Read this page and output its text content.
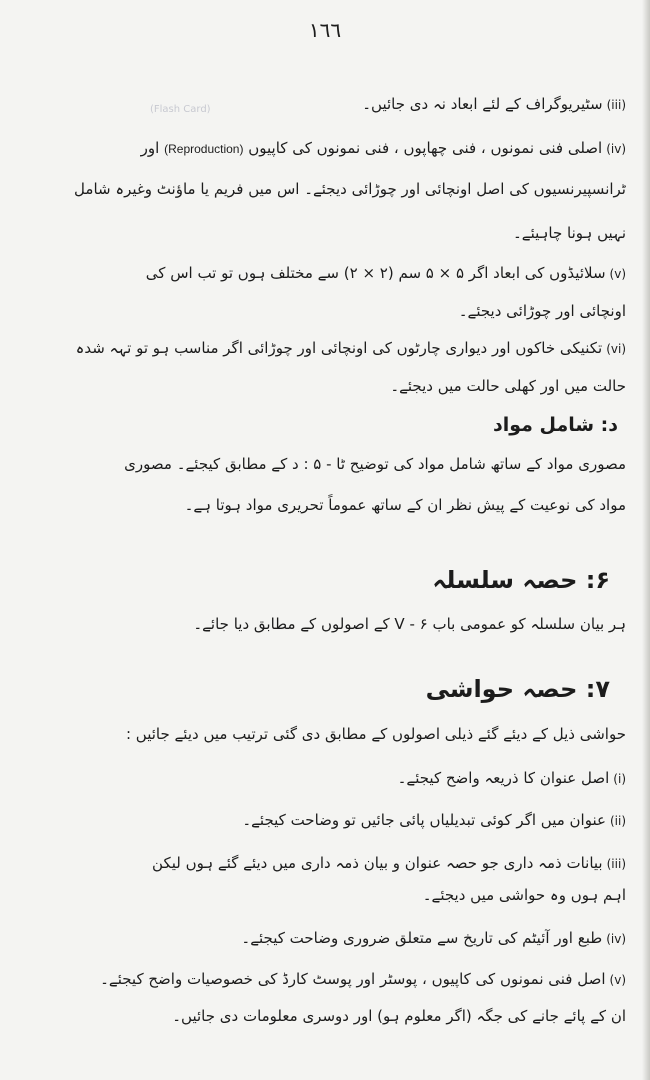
١٦٦
(Flash Card)	(iii)سٹیریوگراف کے لئے ابعاد نہ دی جائیں۔
(iv)اصلی فنی نمونوں ، فنی چھاپوں ، فنی نمونوں کی کاپیوں (Reproduction) اور
ٹرانسپیرنسیوں کی اصل اونچائی اور چوڑائی دیجئے۔ اس میں فریم یا ماؤنٹ وغیرہ شامل
نہیں ہونا چاہیئے۔
(v)سلائیڈوں کی ابعاد اگر ۵ × ۵ سم (۲ × ۲) سے مختلف ہوں تو تب اس کی
اونچائی اور چوڑائی دیجئے۔
(vi)تکنیکی خاکوں اور دیواری چارٹوں کی اونچائی اور چوڑائی اگر مناسب ہو تو تہہ شدہ
حالت میں اور کھلی حالت میں دیجئے۔
د: شامل مواد
مصوری مواد کے ساتھ شامل مواد کی توضیح ٹا - ۵ : د کے مطابق کیجئے۔ مصوری
مواد کی نوعیت کے پیش نظر ان کے ساتھ عموماً تحریری مواد ہوتا ہے۔
۶: حصہ سلسلہ
ہر بیان سلسلہ کو عمومی باب V - ۶ کے اصولوں کے مطابق دیا جائے۔
۷: حصہ حواشی
حواشی ذیل کے دیئے گئے ذیلی اصولوں کے مطابق دی گئی ترتیب میں دیئے جائیں :
(i)اصل عنوان کا ذریعہ واضح کیجئے۔
(ii)عنوان میں اگر کوئی تبدیلیاں پائی جائیں تو وضاحت کیجئے۔
(iii)بیانات ذمہ داری جو حصہ عنوان و بیان ذمہ داری میں دیئے گئے ہوں لیکن
اہم ہوں وہ حواشی میں دیجئے۔
(iv)طبع اور آئیٹم کی تاریخ سے متعلق ضروری وضاحت کیجئے۔
(v)اصل فنی نمونوں کی کاپیوں ، پوسٹر اور پوسٹ کارڈ کی خصوصیات واضح کیجئے۔
ان کے پائے جانے کی جگہ (اگر معلوم ہو) اور دوسری معلومات دی جائیں۔
